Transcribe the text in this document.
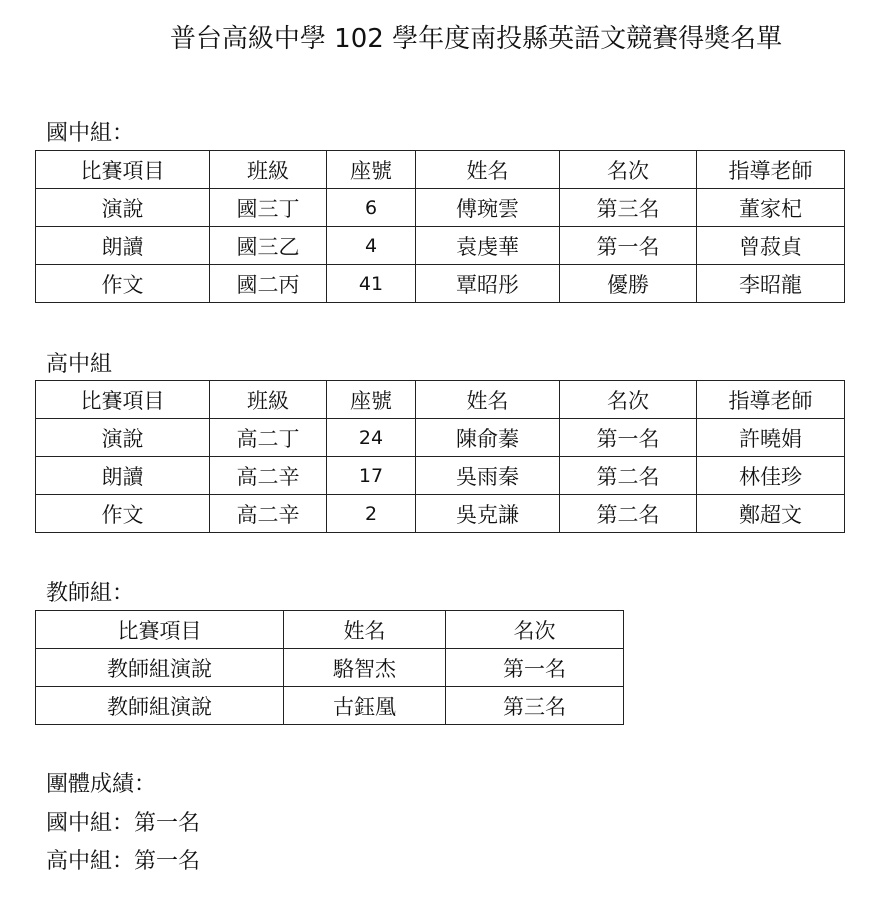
普台高級中學 102 學年度南投縣英語文競賽得獎名單
國中組：
比賽項目	班級	座號	姓名	名次	指導老師
演說	國三丁	6	傅琬雲	第三名	董家杞
朗讀	國三乙	4	袁虔華	第一名	曾菽貞
作文	國二丙	41	覃昭彤	優勝	李昭龍
高中組
比賽項目	班級	座號	姓名	名次	指導老師
演說	高二丁	24	陳俞蓁	第一名	許曉娟
朗讀	高二辛	17	吳雨秦	第二名	林佳珍
作文	高二辛	2	吳克謙	第二名	鄭超文
教師組：
比賽項目	姓名	名次
教師組演說	駱智杰	第一名
教師組演說	古鈺凰	第三名
團體成績：
國中組：第一名
高中組：第一名
